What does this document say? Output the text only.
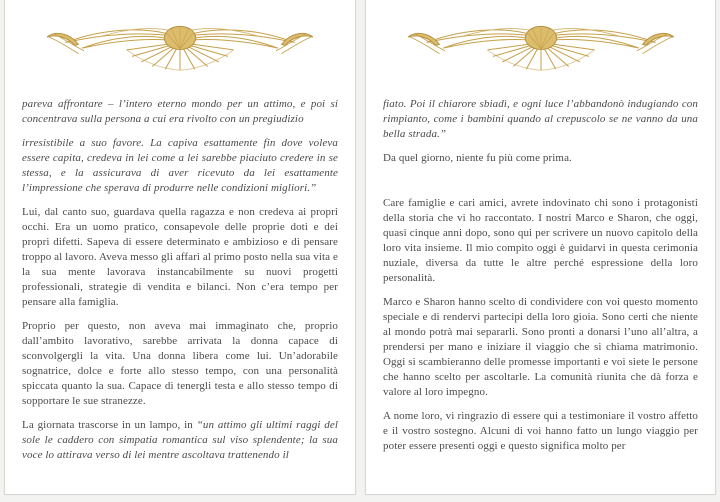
pareva affrontare – l’intero eterno mondo per un attimo, e poi si concentrava sulla persona a cui era rivolto con un pregiudizio

irresistibile a suo favore. La capiva esattamente fin dove voleva essere capita, credeva in lei come a lei sarebbe piaciuto credere in se stessa, e la assicurava di aver ricevuto da lei esattamente l’impressione che sperava di produrre nelle condizioni migliori.”

Lui, dal canto suo, guardava quella ragazza e non credeva ai propri occhi. Era un uomo pratico, consapevole delle proprie doti e dei propri difetti. Sapeva di essere determinato e ambizioso e di pensare troppo al lavoro. Aveva messo gli affari al primo posto nella sua vita e la sua mente lavorava instancabilmente su nuovi progetti professionali, strategie di vendita e bilanci. Non c’era tempo per pensare alla famiglia.

Proprio per questo, non aveva mai immaginato che, proprio dall’ambito lavorativo, sarebbe arrivata la donna capace di sconvolgergli la vita. Una donna libera come lui. Un’adorabile sognatrice, dolce e forte allo stesso tempo, con una personalità spiccata quanto la sua. Capace di tenergli testa e allo stesso tempo di sopportare le sue stranezze.

La giornata trascorse in un lampo, in “un attimo gli ultimi raggi del sole le caddero con simpatia romantica sul viso splendente; la sua voce lo attirava verso di lei mentre ascoltava trattenendo il

fiato. Poi il chiarore sbiadì, e ogni luce l’abbandonò indugiando con rimpianto, come i bambini quando al crepuscolo se ne vanno da una bella strada.”

Da quel giorno, niente fu più come prima.

Care famiglie e cari amici, avrete indovinato chi sono i protagonisti della storia che vi ho raccontato. I nostri Marco e Sharon, che oggi, quasi cinque anni dopo, sono qui per scrivere un nuovo capitolo della loro vita insieme. Il mio compito oggi è guidarvi in questa cerimonia nuziale, diversa da tutte le altre perché espressione della loro personalità.

Marco e Sharon hanno scelto di condividere con voi questo momento speciale e di rendervi partecipi della loro gioia. Sono certi che niente al mondo potrà mai separarli. Sono pronti a donarsi l’uno all’altra, a prendersi per mano e iniziare il viaggio che si chiama matrimonio. Oggi si scambieranno delle promesse importanti e voi siete le persone che hanno scelto per ascoltarle. La comunità riunita che dà forza e valore al loro impegno.

A nome loro, vi ringrazio di essere qui a testimoniare il vostro affetto e il vostro sostegno. Alcuni di voi hanno fatto un lungo viaggio per poter essere presenti oggi e questo significa molto per
